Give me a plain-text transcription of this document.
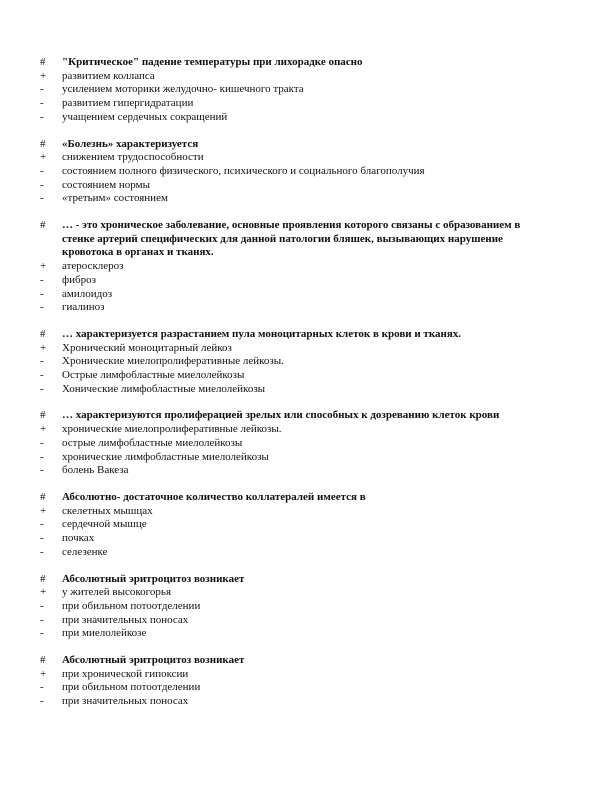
#	"Критическое" падение температуры при лихорадке опасно
+	развитием коллапса
-	усилением моторики желудочно- кишечного тракта
-	развитием гипергидратации
-	учащением сердечных сокращений
#	«Болезнь» характеризуется
+	снижением трудоспособности
-	состоянием полного физического, психического и социального благополучия
-	состоянием нормы
-	«третьим» состоянием
#	… - это хроническое заболевание, основные проявления которого связаны с образованием в стенке артерий специфических для данной патологии бляшек, вызывающих нарушение кровотока в органах и тканях.
+	атеросклероз
-	фиброз
-	амилоидоз
-	гиалиноз
#	… характеризуется разрастанием пула моноцитарных клеток в крови и тканях.
+	Хронический моноцитарный лейкоз
-	Хронические миелопролиферативные лейкозы.
-	Острые лимфобластные миелолейкозы
-	Хонические лимфобластные миелолейкозы
#	… характеризуются пролиферацией зрелых или способных к дозреванию клеток крови
+	хронические миелопролиферативные лейкозы.
-	острые лимфобластные миелолейкозы
-	хронические лимфобластные миелолейкозы
-	болень Вакеза
#	Абсолютно- достаточное количество коллатералей имеется в
+	скелетных мышцах
-	сердечной мышце
-	почках
-	селезенке
#	Абсолютный эритроцитоз возникает
+	у жителей высокогорья
-	при обильном потоотделении
-	при значительных поносах
-	при миелолейкозе
#	Абсолютный эритроцитоз возникает
+	при хронической гипоксии
-	при обильном потоотделении
-	при значительных поносах
